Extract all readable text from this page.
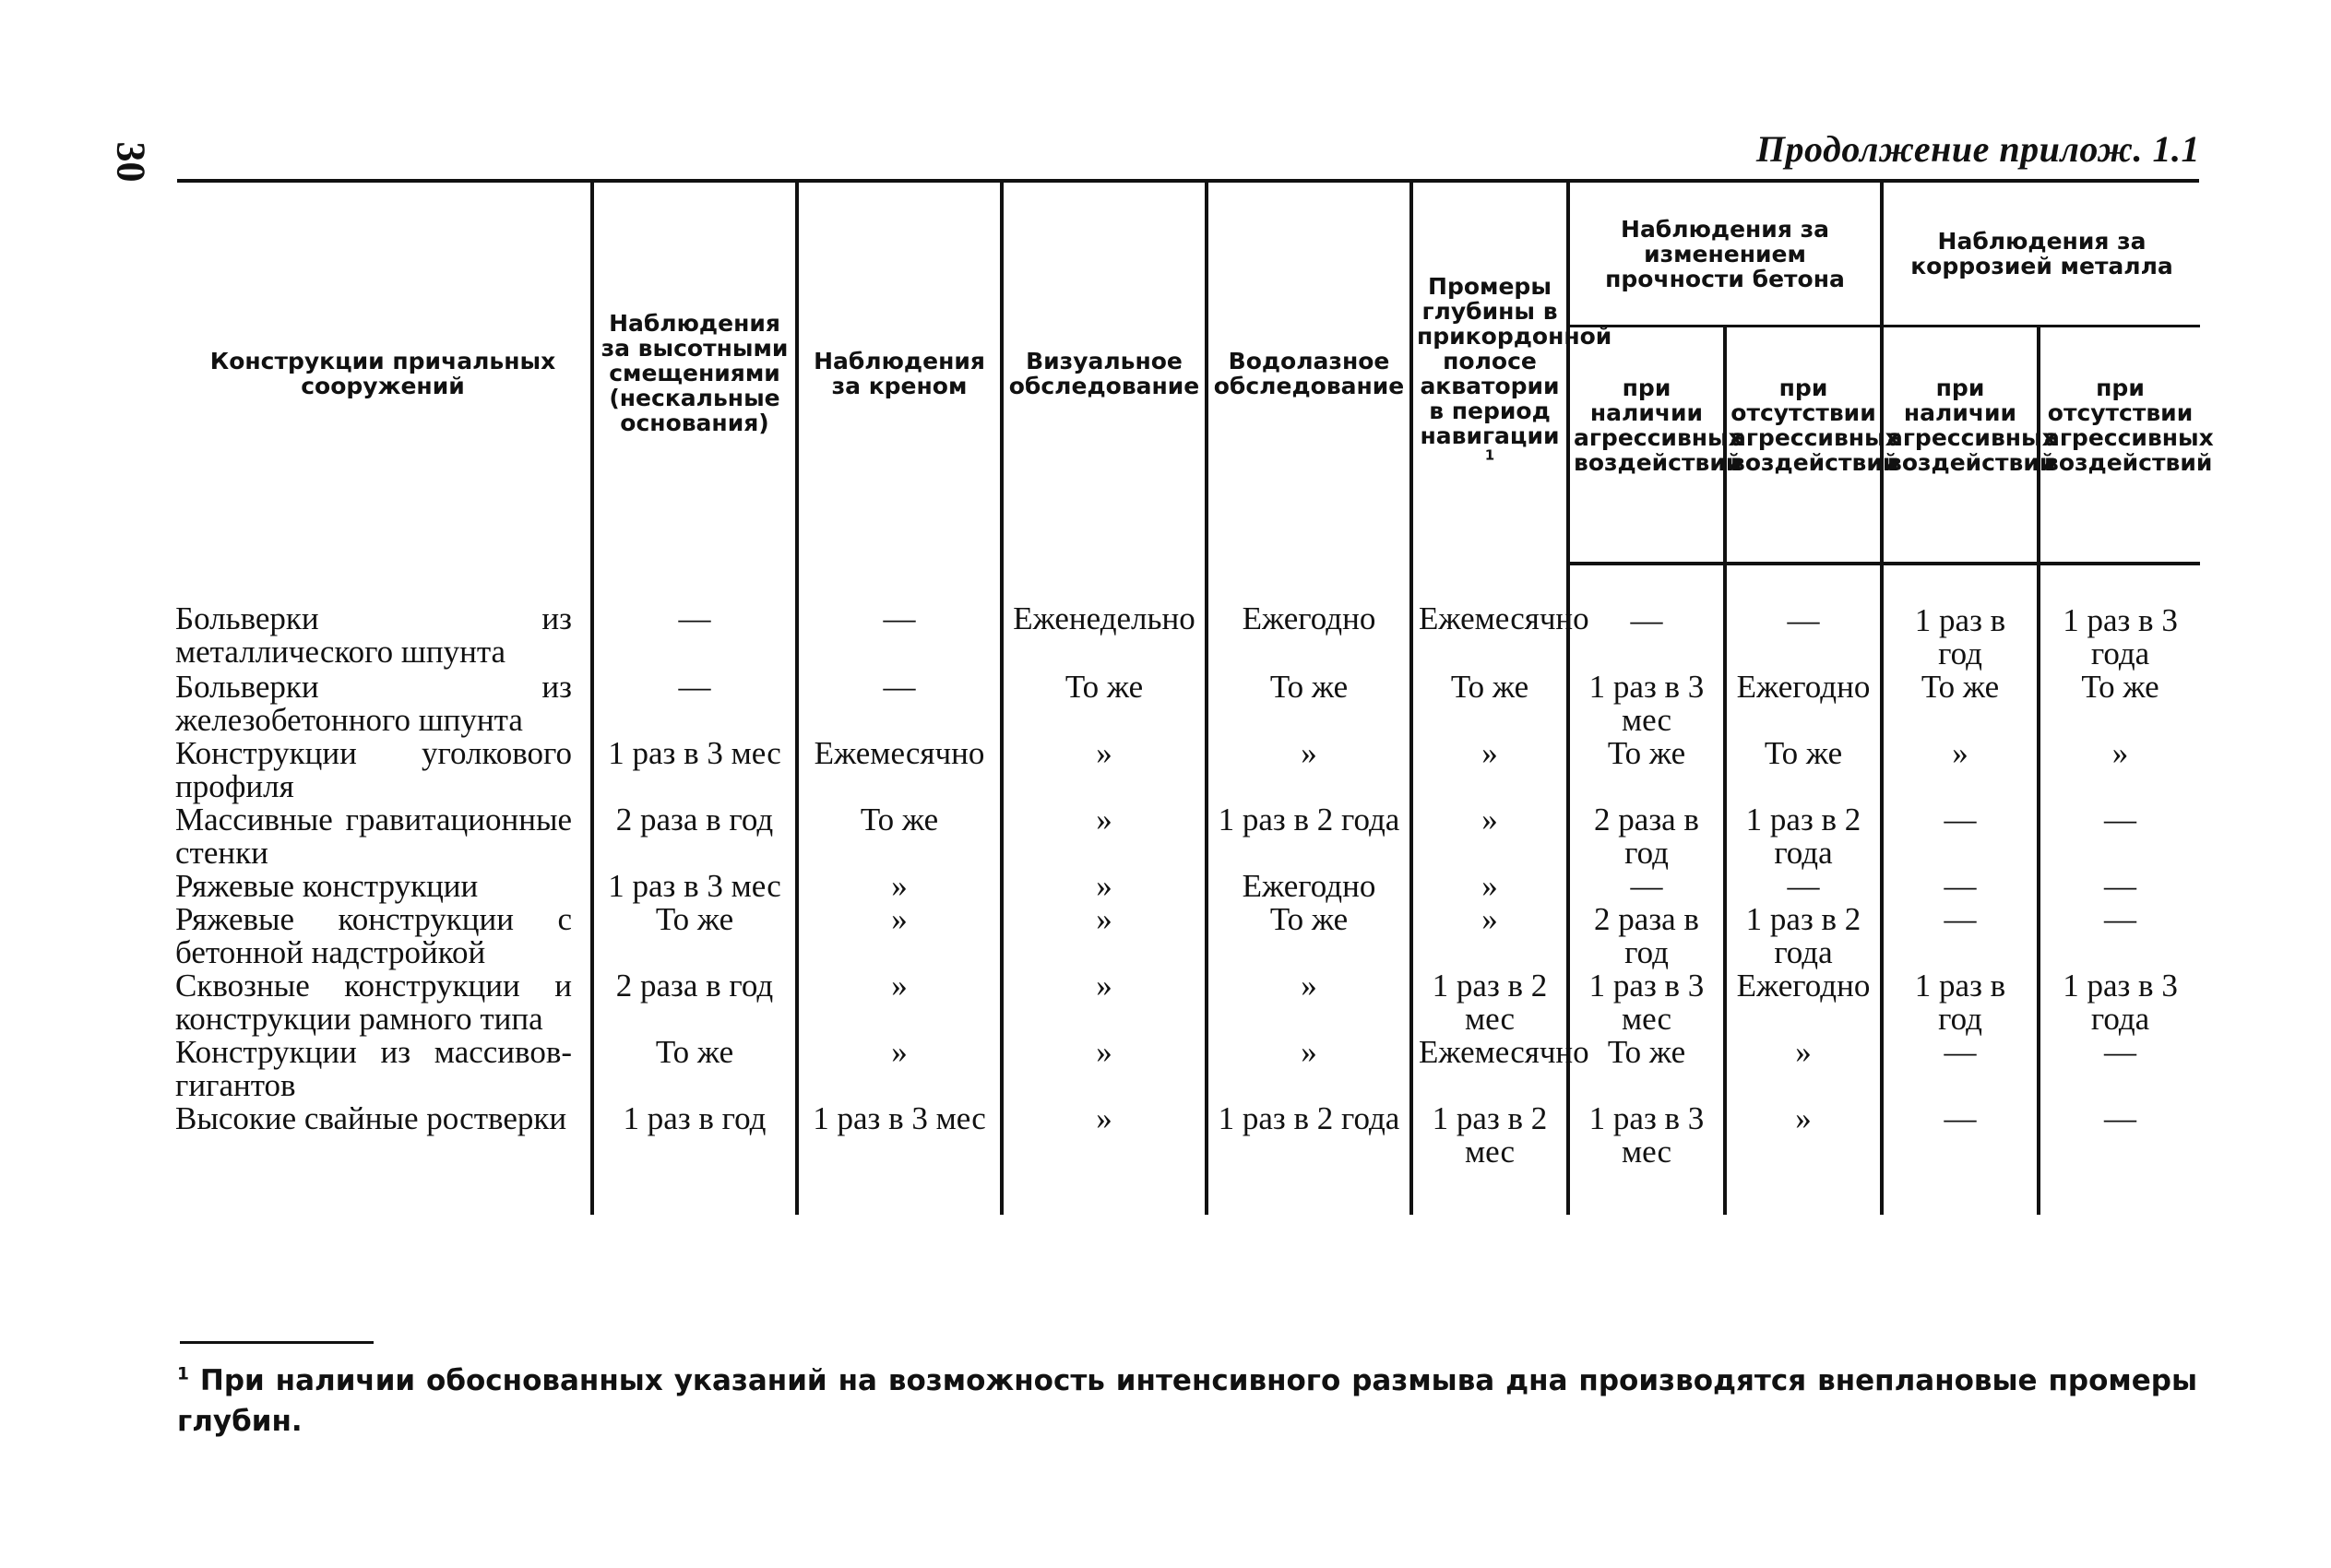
30	Продолжение прилож. 1.1
Конструкции причальных сооружений	Наблюдения за высотными смещениями (нескальные основания)	Наблюдения за креном	Визуальное обследование	Водолазное обследование	Промеры глубины в прикордонной полосе акватории в период навигации $^1$	Наблюдения за изменением прочности бетона		Наблюдения за коррозией металла	
						при наличии агрессивных воздействий	при отсутствии агрессивных воздействий	при наличии агрессивных воздействий	при отсутствии агрессивных воздействий
Больверки из металлического шпунта	—	—	Еженедельно	Ежегодно	Ежемесячно	—	—	1 раз в год	1 раз в 3 года
Больверки из железобетонного шпунта	—	—	То же	То же	То же	1 раз в 3 мес	Ежегодно	То же	То же
Конструкции уголкового профиля	1 раз в 3 мес	Ежемесячно	»	»	»	То же	То же	»	»
Массивные гравитационные стенки	2 раза в год	То же	»	1 раз в 2 года	»	2 раза в год	1 раз в 2 года	—	—
Ряжевые конструкции	1 раз в 3 мес	»	»	Ежегодно	»	—	—	—	—
Ряжевые конструкции с бетонной надстройкой	То же	»	»	То же	»	2 раза в год	1 раз в 2 года	—	—
Сквозные конструкции и конструкции рамного типа	2 раза в год	»	»	»	1 раз в 2 мес	1 раз в 3 мес	Ежегодно	1 раз в год	1 раз в 3 года
Конструкции из массивов-гигантов	То же	»	»	»	Ежемесячно	То же	»	—	—
Высокие свайные ростверки	1 раз в год	1 раз в 3 мес	»	1 раз в 2 года	1 раз в 2 мес	1 раз в 3 мес	»	—	—
$^1$ При наличии обоснованных указаний на возможность интенсивного размыва дна производятся внеплановые промеры глубин.
